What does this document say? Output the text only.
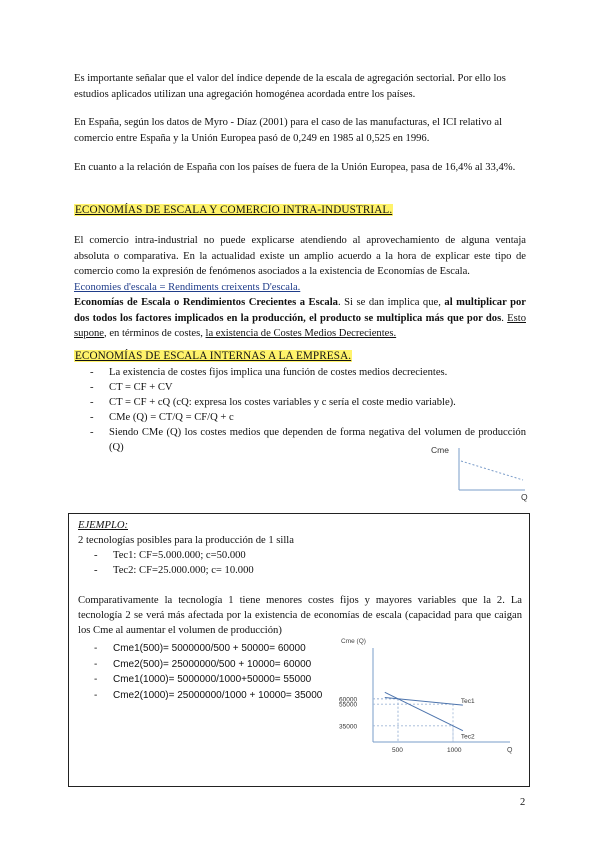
Es importante señalar que el valor del índice depende de la escala de agregación sectorial. Por ello los estudios aplicados utilizan una agregación homogénea acordada entre los países.

En España, según los datos de Myro - Díaz (2001) para el caso de las manufacturas, el ICI relativo al comercio entre España y la Unión Europea pasó de 0,249 en 1985 al 0,525 en 1996.

En cuanto a la relación de España con los países de fuera de la Unión Europea, pasa de 16,4% al 33,4%.

ECONOMÍAS DE ESCALA Y COMERCIO INTRA-INDUSTRIAL.
El comercio intra-industrial no puede explicarse atendiendo al aprovechamiento de alguna ventaja absoluta o comparativa. En la actualidad existe un amplio acuerdo a la hora de explicar este tipo de comercio como la expresión de fenómenos asociados a la existencia de Economías de Escala.
Economies d'escala = Rendiments creixents D'escala.
Economías de Escala o Rendimientos Crecientes a Escala. Si se dan implica que, al multiplicar por dos todos los factores implicados en la producción, el producto se multiplica más que por dos. Esto supone, en términos de costes, la existencia de Costes Medios Decrecientes.
ECONOMÍAS DE ESCALA INTERNAS A LA EMPRESA.
- La existencia de costes fijos implica una función de costes medios decrecientes.
- CT = CF + CV
- CT = CF + cQ (cQ: expresa los costes variables y c sería el coste medio variable).
- CMe (Q) = CT/Q = CF/Q + c
- Siendo CMe (Q) los costes medios que dependen de forma negativa del volumen de producción (Q)	Cme
Q
EJEMPLO:
2 tecnologías posibles para la producción de 1 silla
- Tec1: CF=5.000.000; c=50.000
- Tec2: CF=25.000.000; c= 10.000
Comparativamente la tecnología 1 tiene menores costes fijos y mayores variables que la 2. La tecnología 2 se verá más afectada por la existencia de economías de escala (capacidad para que caigan los Cme al aumentar el volumen de producción)
- Cme1(500)= 5000000/500 + 50000= 60000
- Cme2(500)= 25000000/500 + 10000= 60000
- Cme1(1000)= 5000000/1000+50000= 55000
- Cme2(1000)= 25000000/1000 + 10000= 35000
Cme (Q)
Q
Tec1
Tec2
60000
55000
35000
500	1000
2
